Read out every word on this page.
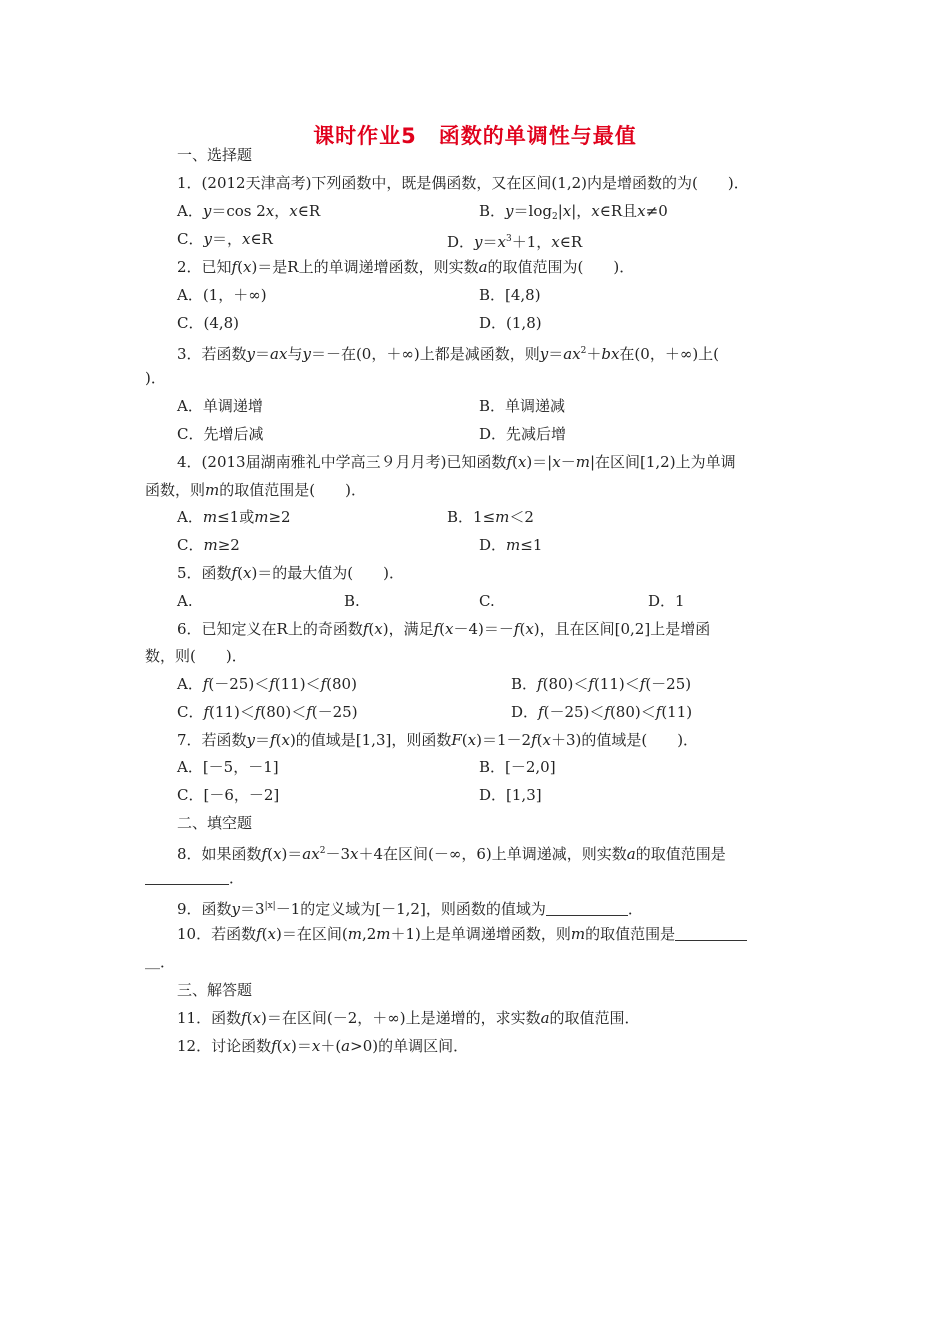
课时作业5　函数的单调性与最值
一、选择题
1．(2012天津高考)下列函数中，既是偶函数，又在区间(1,2)内是增函数的为(　　)．
A．y＝cos 2x，x∈R	B．$y=\log_2|x|$，x∈R且x≠0
C．y＝，x∈R	D．$y=x^3+1$，x∈R
2．已知f(x)＝是R上的单调递增函数，则实数a的取值范围为(　　)．
A．(1，＋∞)	B．[4,8)
C．(4,8)	D．(1,8)
3．若函数y＝ax与y＝－在(0，＋∞)上都是减函数，则$y=ax^2+bx$在(0，＋∞)上(
)．
A．单调递增	B．单调递减
C．先增后减	D．先减后增
4．(2013届湖南雅礼中学高三９月月考)已知函数f(x)＝|x－m|在区间[1,2)上为单调
函数，则m的取值范围是(　　)．
A．m≤1或m≥2	B．1≤m＜2
C．m≥2	D．m≤1
5．函数f(x)＝的最大值为(　　)．
A.	B.	C.	D．1
6．已知定义在R上的奇函数f(x)，满足f(x－4)＝－f(x)，且在区间[0,2]上是增函
数，则(　　)．
A．f(－25)＜f(11)＜f(80)	B．f(80)＜f(11)＜f(－25)
C．f(11)＜f(80)＜f(－25)	D．f(－25)＜f(80)＜f(11)
7．若函数y＝f(x)的值域是[1,3]，则函数F(x)＝1－2f(x＋3)的值域是(　　)．
A．[－5，－1]	B．[－2,0]
C．[－6，－2]	D．[1,3]
二、填空题
8．如果函数$f(x)=ax^2-3x+4$在区间(－∞，6)上单调递减，则实数a的取值范围是
．
9．函数$y=3^{|x|}-1$的定义域为[－1,2]，则函数的值域为	．
10．若函数f(x)＝在区间(m,2m＋1)上是单调递增函数，则m的取值范围是
＿．
三、解答题
11．函数f(x)＝在区间(－2，＋∞)上是递增的，求实数a的取值范围．
12．讨论函数f(x)＝x＋(a>0)的单调区间．
